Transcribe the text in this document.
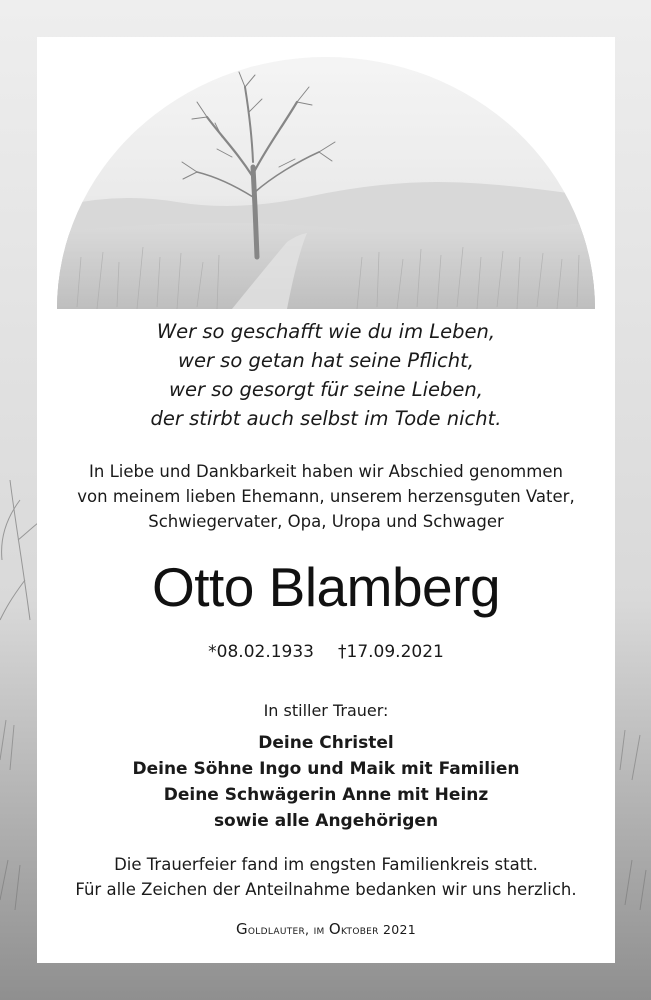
Wer so geschafft wie du im Leben,
wer so getan hat seine Pflicht,
wer so gesorgt für seine Lieben,
der stirbt auch selbst im Tode nicht.
In Liebe und Dankbarkeit haben wir Abschied genommen
von meinem lieben Ehemann, unserem herzensguten Vater,
Schwiegervater, Opa, Uropa und Schwager
Otto Blamberg
*08.02.1933 †17.09.2021
In stiller Trauer:
Deine Christel
Deine Söhne Ingo und Maik mit Familien
Deine Schwägerin Anne mit Heinz
sowie alle Angehörigen
Die Trauerfeier fand im engsten Familienkreis statt.
Für alle Zeichen der Anteilnahme bedanken wir uns herzlich.
Goldlauter, im Oktober 2021
